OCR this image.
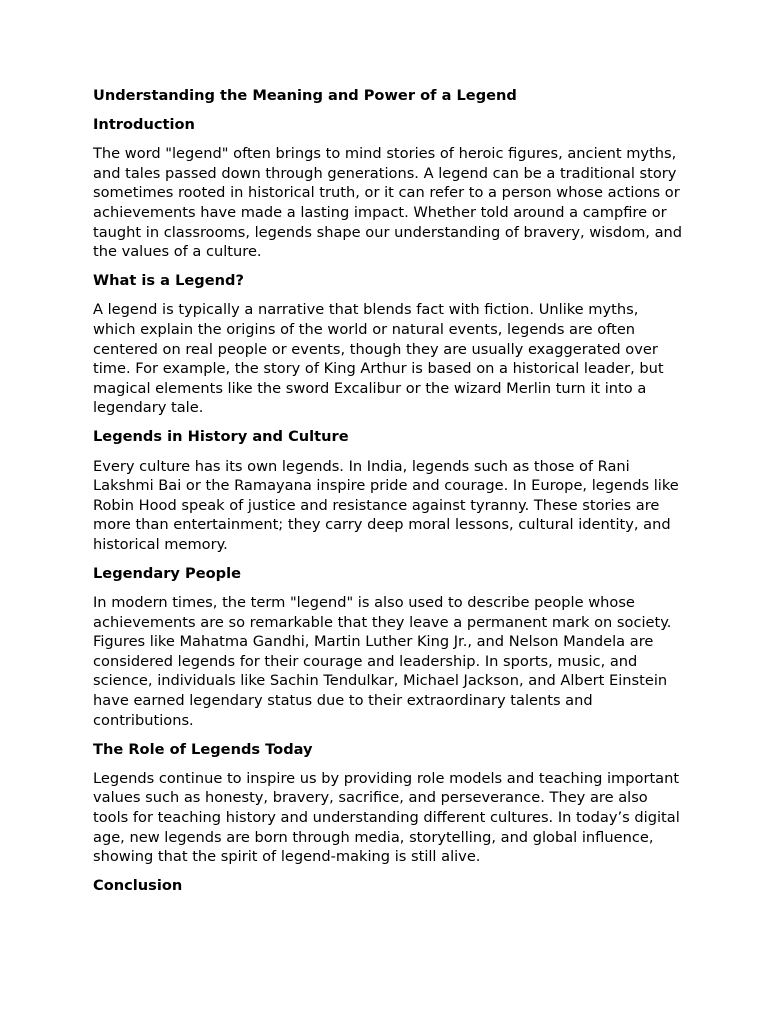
Understanding the Meaning and Power of a Legend
Introduction
The word "legend" often brings to mind stories of heroic figures, ancient myths, and tales passed down through generations. A legend can be a traditional story sometimes rooted in historical truth, or it can refer to a person whose actions or achievements have made a lasting impact. Whether told around a campfire or taught in classrooms, legends shape our understanding of bravery, wisdom, and the values of a culture.
What is a Legend?
A legend is typically a narrative that blends fact with fiction. Unlike myths, which explain the origins of the world or natural events, legends are often centered on real people or events, though they are usually exaggerated over time. For example, the story of King Arthur is based on a historical leader, but magical elements like the sword Excalibur or the wizard Merlin turn it into a legendary tale.
Legends in History and Culture
Every culture has its own legends. In India, legends such as those of Rani Lakshmi Bai or the Ramayana inspire pride and courage. In Europe, legends like Robin Hood speak of justice and resistance against tyranny. These stories are more than entertainment; they carry deep moral lessons, cultural identity, and historical memory.
Legendary People
In modern times, the term "legend" is also used to describe people whose achievements are so remarkable that they leave a permanent mark on society. Figures like Mahatma Gandhi, Martin Luther King Jr., and Nelson Mandela are considered legends for their courage and leadership. In sports, music, and science, individuals like Sachin Tendulkar, Michael Jackson, and Albert Einstein have earned legendary status due to their extraordinary talents and contributions.
The Role of Legends Today
Legends continue to inspire us by providing role models and teaching important values such as honesty, bravery, sacrifice, and perseverance. They are also tools for teaching history and understanding different cultures. In today’s digital age, new legends are born through media, storytelling, and global influence, showing that the spirit of legend-making is still alive.
Conclusion
